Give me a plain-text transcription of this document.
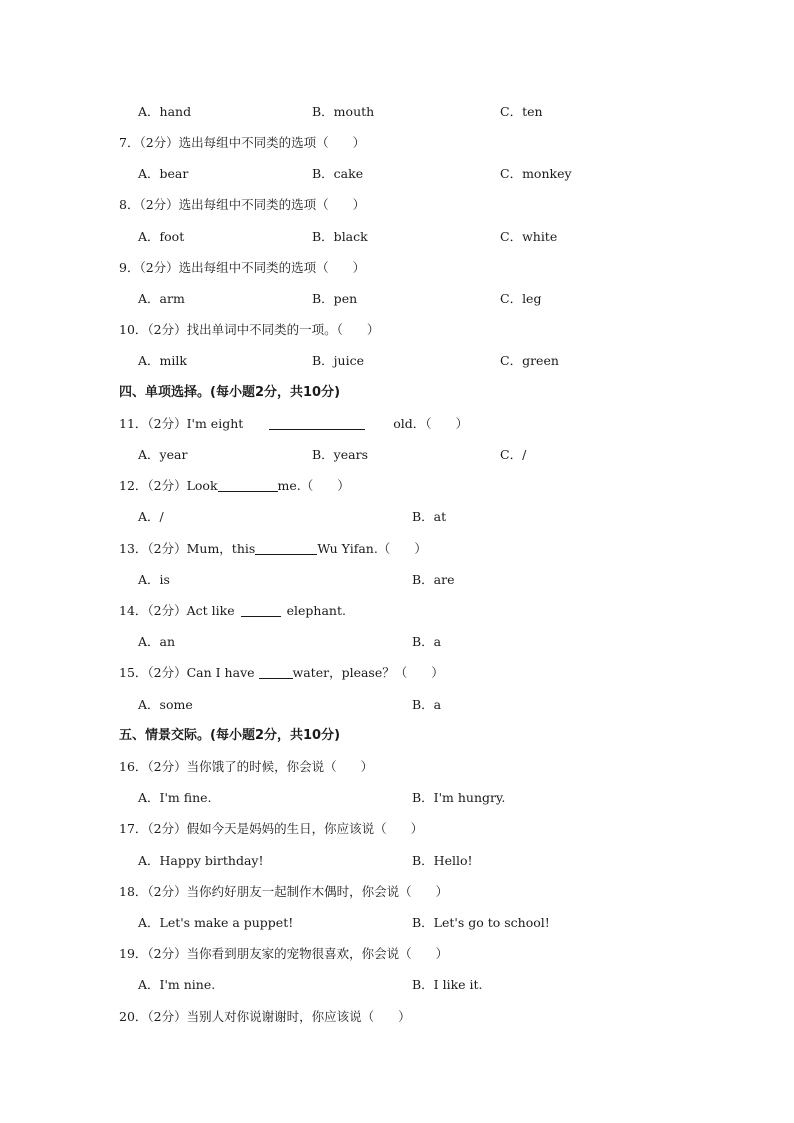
A．hand	B．mouth	C．ten
7．（2分）选出每组中不同类的选项（ ）
A．bear	B．cake	C．monkey
8．（2分）选出每组中不同类的选项（ ）
A．foot	B．black	C．white
9．（2分）选出每组中不同类的选项（ ）
A．arm	B．pen	C．leg
10．（2分）找出单词中不同类的一项。（ ）
A．milk	B．juice	C．green
四、单项选择。(每小题2分，共10分)
11．（2分）I'm eight	old．（ ）
A．year	B．years	C．/
12．（2分）Look	me.（ ）
A．/	B．at
13．（2分）Mum，this	Wu Yifan.（ ）
A．is	B．are
14．（2分）Act like	elephant.
A．an	B．a
15．（2分）Can I have	water，please？（ ）
A．some	B．a
五、情景交际。(每小题2分，共10分)
16．（2分）当你饿了的时候，你会说（ ）
A．I'm fine.	B．I'm hungry.
17．（2分）假如今天是妈妈的生日，你应该说（ ）
A．Happy birthday!	B．Hello!
18．（2分）当你约好朋友一起制作木偶时，你会说（ ）
A．Let's make a puppet!	B．Let's go to school!
19．（2分）当你看到朋友家的宠物很喜欢，你会说（ ）
A．I'm nine.	B．I like it.
20．（2分）当别人对你说谢谢时，你应该说（ ）
